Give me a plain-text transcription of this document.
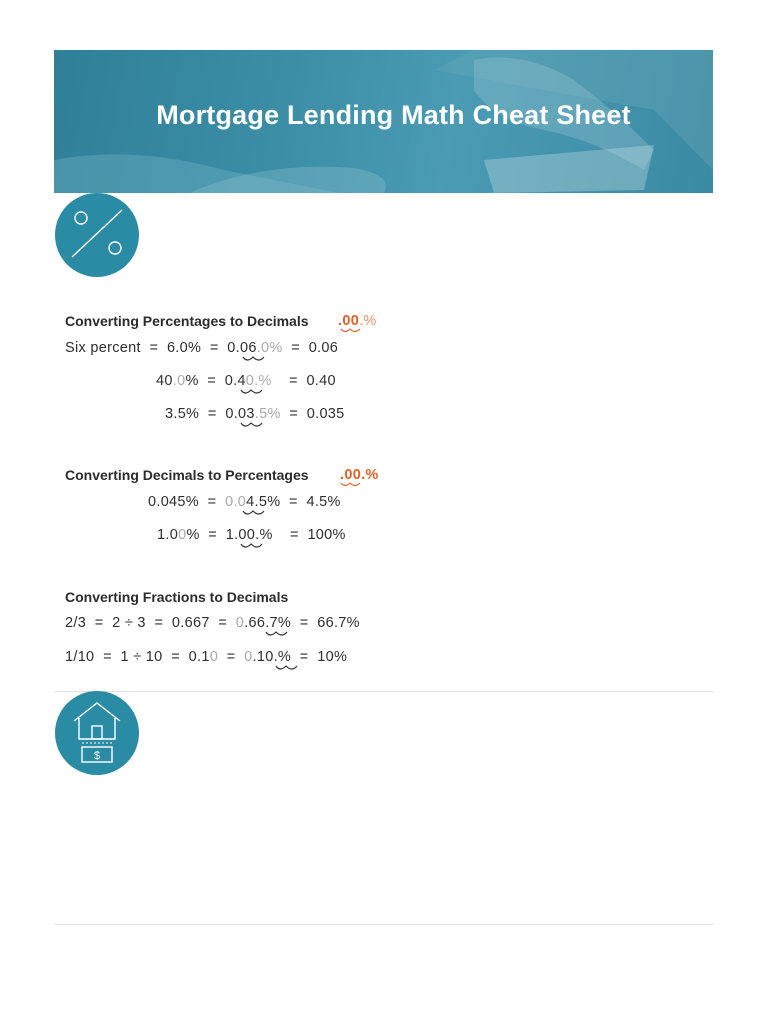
Mortgage Lending Math Cheat Sheet
Converting Percentages to Decimals .00.%
Six percent  =  6.0%  =  0.06.0%  =  0.06
40.0%  =  0.40.%    =  0.40
3.5%  =  0.03.5%  =  0.035
Converting Decimals to Percentages .00.%
0.045%  =  0.04.5%  =  4.5%
1.00%  =  1.00.%    =  100%
Converting Fractions to Decimals
2/3  =  2 ÷ 3  =  0.667  =  0.66.7%  =  66.7%
1/10  =  1 ÷ 10  =  0.10  =  0.10.%  =  10%
$
